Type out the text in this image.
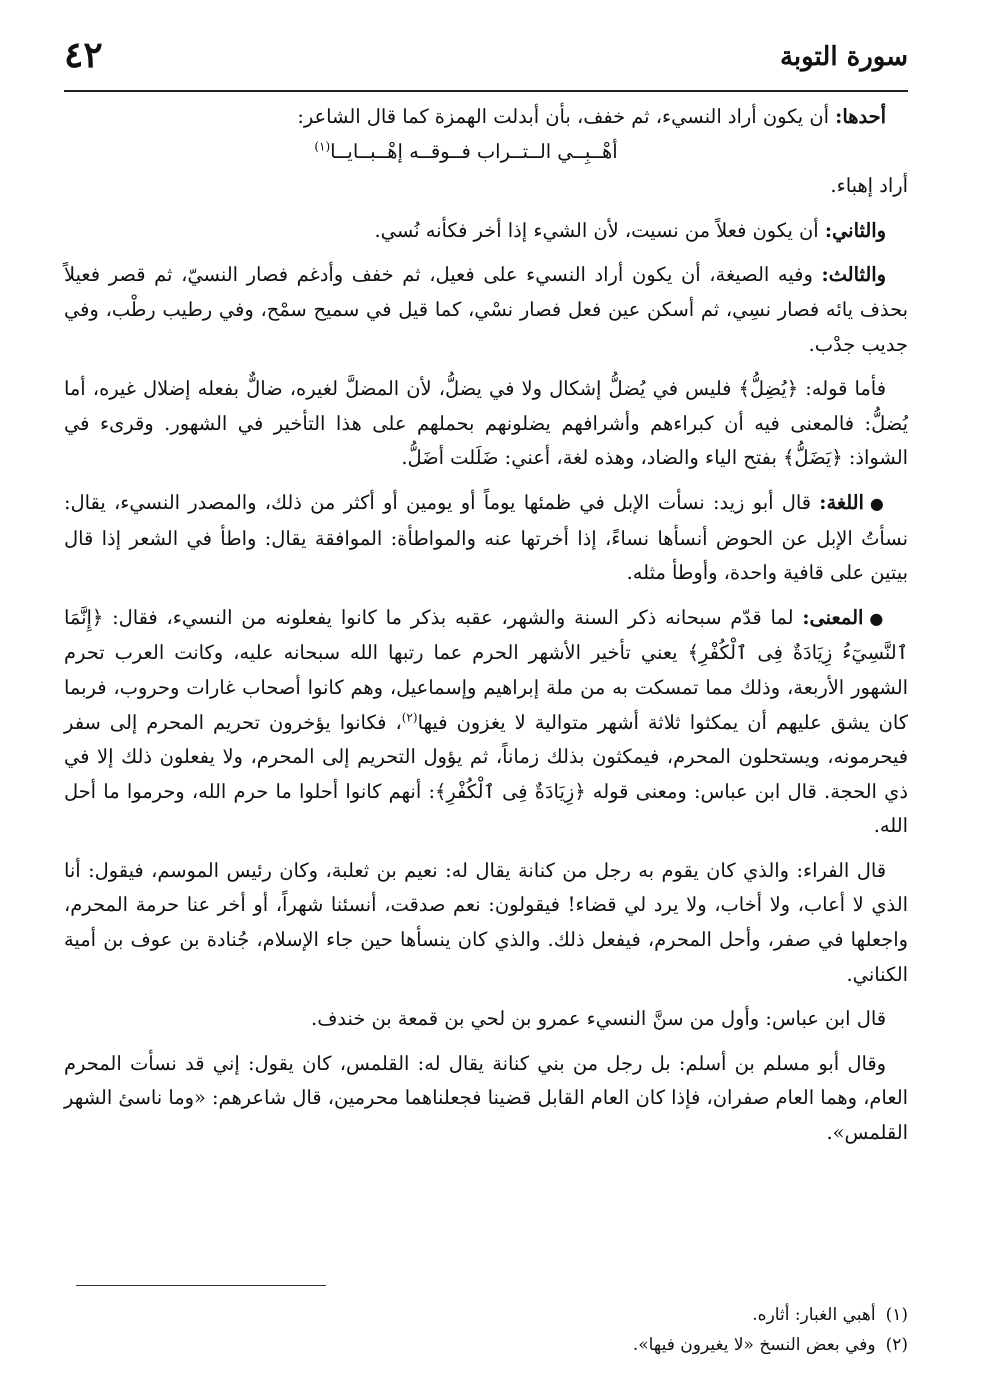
٤٢	سورة التوبة

أحدها: أن يكون أراد النسيء، ثم خفف، بأن أبدلت الهمزة كما قال الشاعر:

أهْــبِــي الــتــراب فــوقــه إهْــبــايــا$^{(١)}$

أراد إهباء.

والثاني: أن يكون فعلاً من نسيت، لأن الشيء إذا أخر فكأنه نُسي.

والثالث: وفيه الصيغة، أن يكون أراد النسيء على فعيل، ثم خفف وأدغم فصار النسيّ، ثم قصر فعيلاً بحذف يائه فصار نسِي، ثم أسكن عين فعل فصار نسْي، كما قيل في سميح سمْح، وفي رطيب رطْب، وفي جديب جدْب.

فأما قوله: ﴿يُضِلُّ﴾ فليس في يُضلُّ إشكال ولا في يضلُّ، لأن المضلَّ لغيره، ضالٌّ بفعله إضلال غيره، أما يُضلُّ: فالمعنى فيه أن كبراءهم وأشرافهم يضلونهم بحملهم على هذا التأخير في الشهور. وقرىء في الشواذ: ﴿يَضَلُّ﴾ بفتح الياء والضاد، وهذه لغة، أعني: ضَلَلت أضَلُّ.

●اللغة: قال أبو زيد: نسأت الإبل في ظمئها يوماً أو يومين أو أكثر من ذلك، والمصدر النسيء، يقال: نسأتُ الإبل عن الحوض أنسأها نساءً، إذا أخرتها عنه والمواطأة: الموافقة يقال: واطأ في الشعر إذا قال بيتين على قافية واحدة، وأوطأ مثله.

●المعنى: لما قدّم سبحانه ذكر السنة والشهر، عقبه بذكر ما كانوا يفعلونه من النسيء، فقال: ﴿إِنَّمَا ٱلنَّسِيٓءُ زِيَادَةٌ فِى ٱلْكُفْرِ﴾ يعني تأخير الأشهر الحرم عما رتبها الله سبحانه عليه، وكانت العرب تحرم الشهور الأربعة، وذلك مما تمسكت به من ملة إبراهيم وإسماعيل، وهم كانوا أصحاب غارات وحروب، فربما كان يشق عليهم أن يمكثوا ثلاثة أشهر متوالية لا يغزون فيها$^{(٢)}$، فكانوا يؤخرون تحريم المحرم إلى سفر فيحرمونه، ويستحلون المحرم، فيمكثون بذلك زماناً، ثم يؤول التحريم إلى المحرم، ولا يفعلون ذلك إلا في ذي الحجة. قال ابن عباس: ومعنى قوله ﴿زِيَادَةٌ فِى ٱلْكُفْرِ﴾: أنهم كانوا أحلوا ما حرم الله، وحرموا ما أحل الله.

قال الفراء: والذي كان يقوم به رجل من كنانة يقال له: نعيم بن ثعلبة، وكان رئيس الموسم، فيقول: أنا الذي لا أعاب، ولا أخاب، ولا يرد لي قضاء! فيقولون: نعم صدقت، أنسئنا شهراً، أو أخر عنا حرمة المحرم، واجعلها في صفر، وأحل المحرم، فيفعل ذلك. والذي كان ينسأها حين جاء الإسلام، جُنادة بن عوف بن أمية الكناني.

قال ابن عباس: وأول من سنَّ النسيء عمرو بن لحي بن قمعة بن خندف.

وقال أبو مسلم بن أسلم: بل رجل من بني كنانة يقال له: القلمس، كان يقول: إني قد نسأت المحرم العام، وهما العام صفران، فإذا كان العام القابل قضينا فجعلناهما محرمين، قال شاعرهم: «وما ناسئ الشهر القلمس».

(١)أهبي الغبار: أثاره.
(٢)وفي بعض النسخ «لا يغيرون فيها».
